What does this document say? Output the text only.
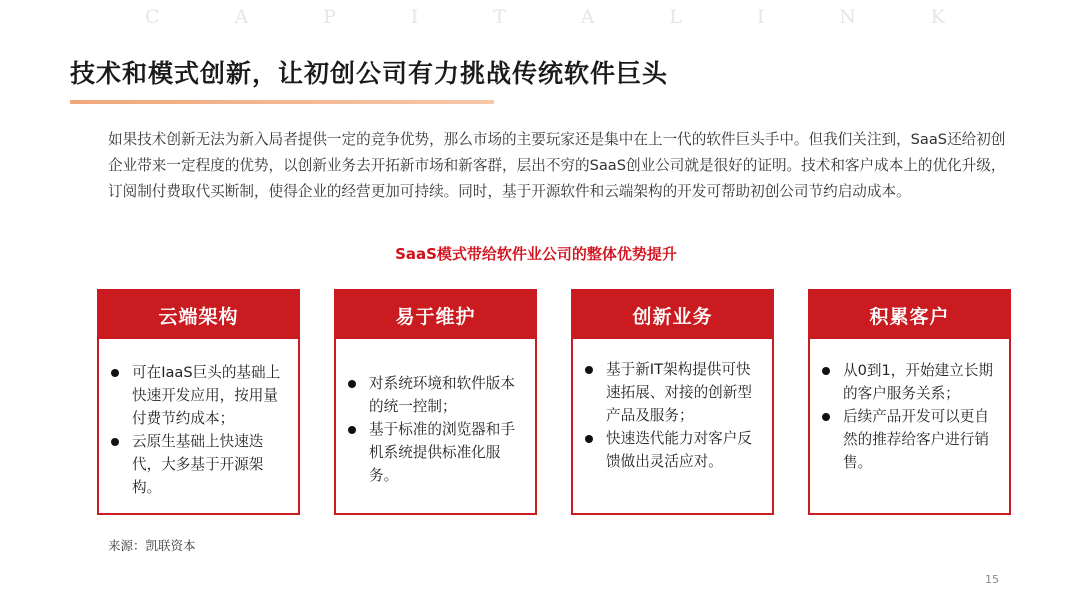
C	A	P	I	T	A	L	I	N	K
技术和模式创新，让初创公司有力挑战传统软件巨头

如果技术创新无法为新入局者提供一定的竞争优势，那么市场的主要玩家还是集中在上一代的软件巨头手中。但我们关注到，SaaS还给初创企业带来一定程度的优势，以创新业务去开拓新市场和新客群，层出不穷的SaaS创业公司就是很好的证明。技术和客户成本上的优化升级，订阅制付费取代买断制，使得企业的经营更加可持续。同时，基于开源软件和云端架构的开发可帮助初创公司节约启动成本。

SaaS模式带给软件业公司的整体优势提升
云端架构
可在IaaS巨头的基础上快速开发应用，按用量付费节约成本；
云原生基础上快速迭代，大多基于开源架构。
易于维护
对系统环境和软件版本的统一控制；
基于标准的浏览器和手机系统提供标准化服务。
创新业务
基于新IT架构提供可快速拓展、对接的创新型产品及服务；
快速迭代能力对客户反馈做出灵活应对。
积累客户
从0到1，开始建立长期的客户服务关系；
后续产品开发可以更自然的推荐给客户进行销售。
来源：凯联资本
15
